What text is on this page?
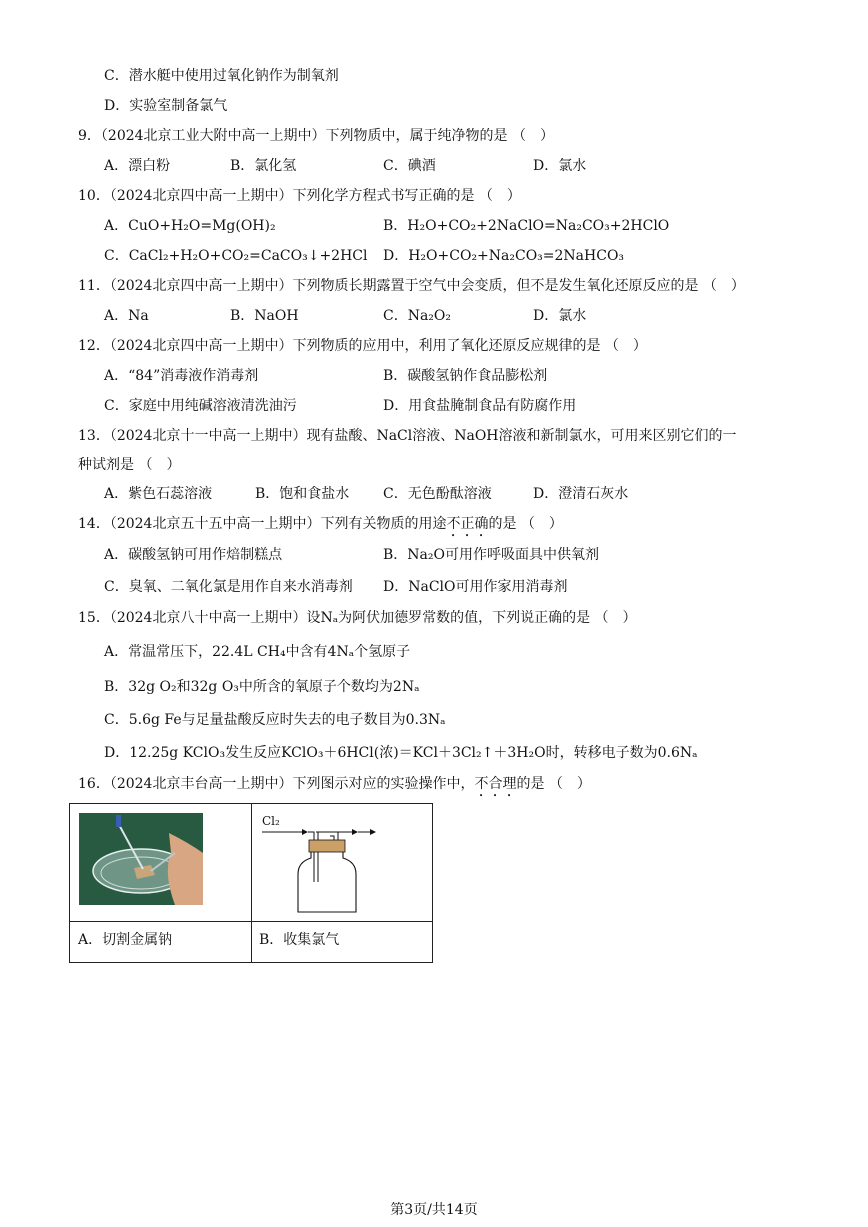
C．潜水艇中使用过氧化钠作为制氧剂
D．实验室制备氯气
9．（2024北京工业大附中高一上期中）下列物质中，属于纯净物的是 （　）
A．漂白粉	B．氯化氢	C．碘酒	D．氯水
10．（2024北京四中高一上期中）下列化学方程式书写正确的是 （　）
A．CuO+H₂O=Mg(OH)₂	B．H₂O+CO₂+2NaClO=Na₂CO₃+2HClO
C．CaCl₂+H₂O+CO₂=CaCO₃↓+2HCl D．H₂O+CO₂+Na₂CO₃=2NaHCO₃
11．（2024北京四中高一上期中）下列物质长期露置于空气中会变质，但不是发生氧化还原反应的是 （　）
A．Na	B．NaOH	C．Na₂O₂	D．氯水
12．（2024北京四中高一上期中）下列物质的应用中，利用了氧化还原反应规律的是 （　）
A．“84”消毒液作消毒剂	B．碳酸氢钠作食品膨松剂
C．家庭中用纯碱溶液清洗油污	D．用食盐腌制食品有防腐作用
13．（2024北京十一中高一上期中）现有盐酸、NaCl溶液、NaOH溶液和新制氯水，可用来区别它们的一
种试剂是 （　）
A．紫色石蕊溶液	B．饱和食盐水 C．无色酚酞溶液	D．澄清石灰水
14．（2024北京五十五中高一上期中）下列有关物质的用途不正确的是 （　）
A．碳酸氢钠可用作焙制糕点	B．Na₂O可用作呼吸面具中供氧剂
C．臭氧、二氧化氯是用作自来水消毒剂 D．NaClO可用作家用消毒剂
15．（2024北京八十中高一上期中）设Nₐ为阿伏加德罗常数的值，下列说正确的是 （　）
A．常温常压下，22.4L CH₄中含有4Nₐ个氢原子
B．32g O₂和32g O₃中所含的氧原子个数均为2Nₐ
C．5.6g Fe与足量盐酸反应时失去的电子数目为0.3Nₐ
D．12.25g KClO₃发生反应KClO₃＋6HCl(浓)＝KCl＋3Cl₂↑＋3H₂O时，转移电子数为0.6Nₐ
16．（2024北京丰台高一上期中）下列图示对应的实验操作中，不合理的是 （　）
Cl₂
A．切割金属钠	B．收集氯气
第3页/共14页
